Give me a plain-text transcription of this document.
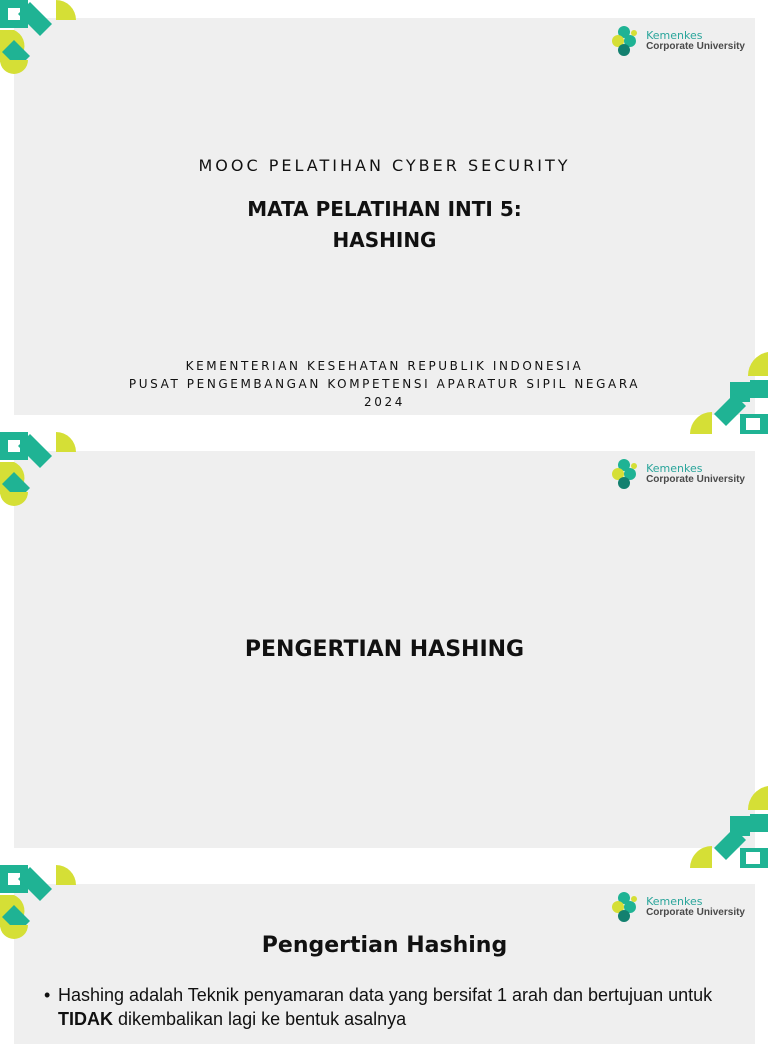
Kemenkes
Corporate University
MOOC PELATIHAN CYBER SECURITY
MATA PELATIHAN INTI 5:
HASHING
KEMENTERIAN KESEHATAN REPUBLIK INDONESIA
PUSAT PENGEMBANGAN KOMPETENSI APARATUR SIPIL NEGARA
2024
Kemenkes
Corporate University
PENGERTIAN HASHING
Kemenkes
Corporate University
Pengertian Hashing
• Hashing adalah Teknik penyamaran data yang bersifat 1 arah dan bertujuan untuk TIDAK dikembalikan lagi ke bentuk asalnya
